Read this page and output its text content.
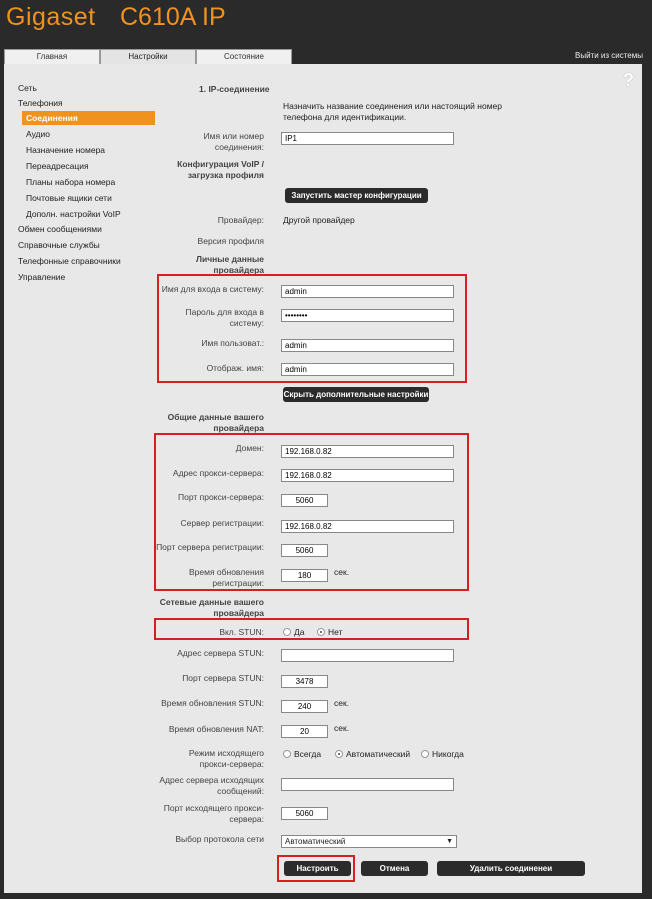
Gigaset C610A IP
Главная	Настройки	Состояние	Выйти из системы
?
Сеть
Телефония
Соединения
Аудио
Назначение номера
Переадресация
Планы набора номера
Почтовые ящики сети
Дополн. настройки VoIP
Обмен сообщениями
Справочные службы
Телефонные справочники
Управление
1. IP-соединение
Назначить название соединения или настоящий номер
телефона для идентификации.
Имя или номер
соединения:
IP1
Конфигурация VoIP /
загрузка профиля
Запустить мастер конфигурации
Провайдер: Другой провайдер
Версия профиля
Личные данные
провайдера
Имя для входа в систему:	admin
Пароль для входа в
систему:
••••••••
Имя пользоват.:	admin
Отображ. имя:	admin
Скрыть дополнительные настройки
Общие данные вашего
провайдера
Домен:	192.168.0.82
Адрес прокси-сервера:	192.168.0.82
Порт прокси-сервера:	5060
Сервер регистрации:	192.168.0.82
Порт сервера регистрации:	5060
Время обновления
регистрации:
180	сек.
Сетевые данные вашего
провайдера
Вкл. STUN:	Да	Нет
Адрес сервера STUN:
Порт сервера STUN:	3478
Время обновления STUN:	240	сек.
Время обновления NAT:	20	сек.
Режим исходящего
прокси-сервера:
Всегда	Автоматический	Никогда
Адрес сервера исходящих
сообщений:
Порт исходящего прокси-
сервера:
5060
Выбор протокола сети	Автоматический	▼
Настроить	Отмена	Удалить соединенеи
